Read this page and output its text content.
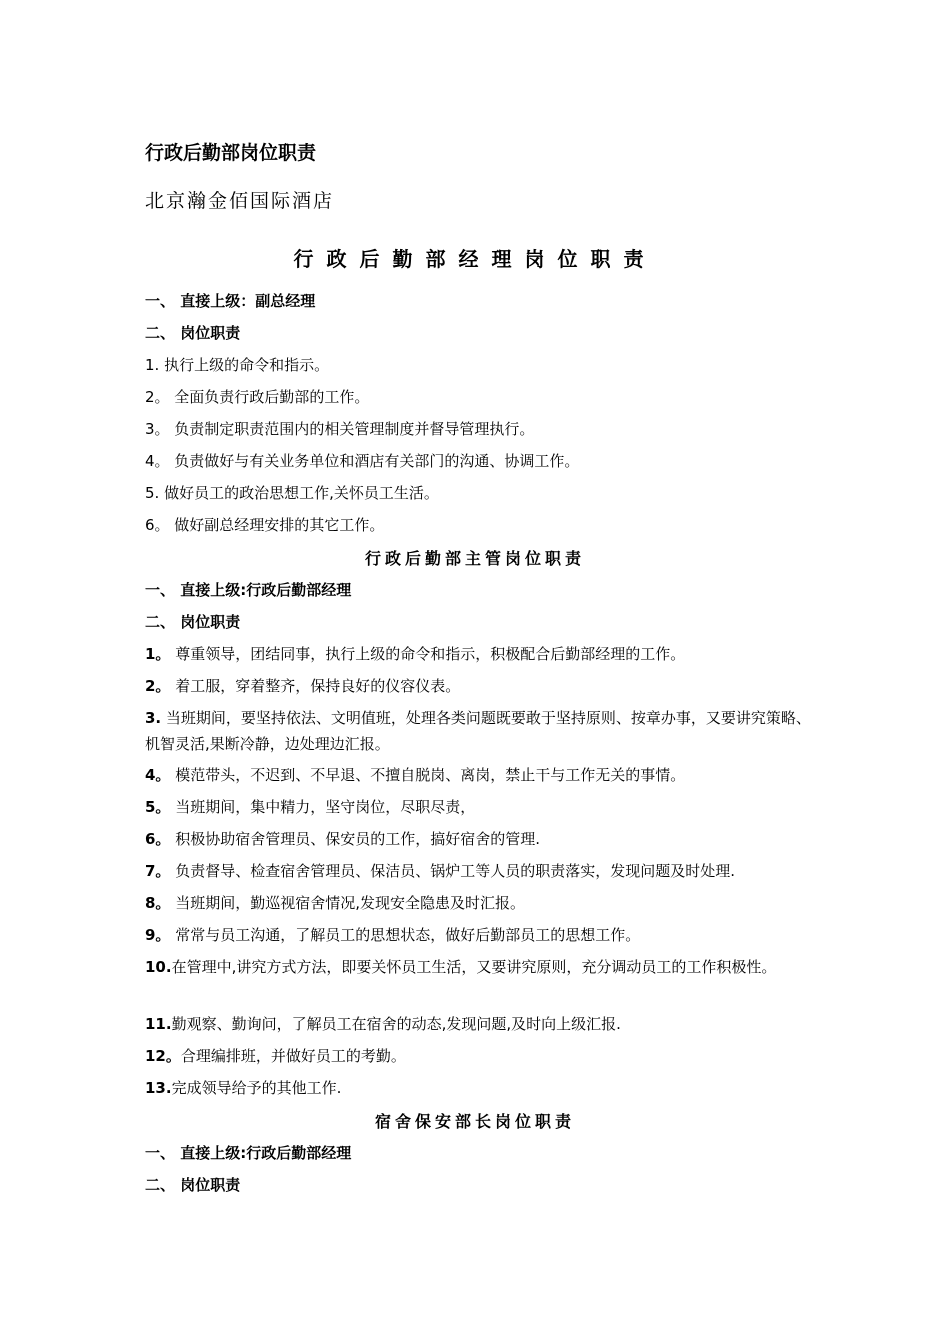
行政后勤部岗位职责
北京瀚金佰国际酒店
行政后勤部经理岗位职责
一、 直接上级：副总经理
二、 岗位职责
1. 执行上级的命令和指示。
2。 全面负责行政后勤部的工作。
3。 负责制定职责范围内的相关管理制度并督导管理执行。
4。 负责做好与有关业务单位和酒店有关部门的沟通、协调工作。
5. 做好员工的政治思想工作,关怀员工生活。
6。 做好副总经理安排的其它工作。
行政后勤部主管岗位职责
一、 直接上级:行政后勤部经理
二、 岗位职责
1。 尊重领导，团结同事，执行上级的命令和指示，积极配合后勤部经理的工作。
2。 着工服，穿着整齐，保持良好的仪容仪表。
3. 当班期间，要坚持依法、文明值班，处理各类问题既要敢于坚持原则、按章办事，又要讲究策略、机智灵活,果断冷静，边处理边汇报。
4。 模范带头，不迟到、不早退、不擅自脱岗、离岗，禁止干与工作无关的事情。
5。 当班期间，集中精力，坚守岗位，尽职尽责，
6。 积极协助宿舍管理员、保安员的工作，搞好宿舍的管理.
7。 负责督导、检查宿舍管理员、保洁员、锅炉工等人员的职责落实，发现问题及时处理.
8。 当班期间，勤巡视宿舍情况,发现安全隐患及时汇报。
9。 常常与员工沟通，了解员工的思想状态，做好后勤部员工的思想工作。
10.在管理中,讲究方式方法，即要关怀员工生活，又要讲究原则，充分调动员工的工作积极性。
11.勤观察、勤询问，了解员工在宿舍的动态,发现问题,及时向上级汇报.
12。合理编排班，并做好员工的考勤。
13.完成领导给予的其他工作.
宿舍保安部长岗位职责
一、 直接上级:行政后勤部经理
二、 岗位职责
